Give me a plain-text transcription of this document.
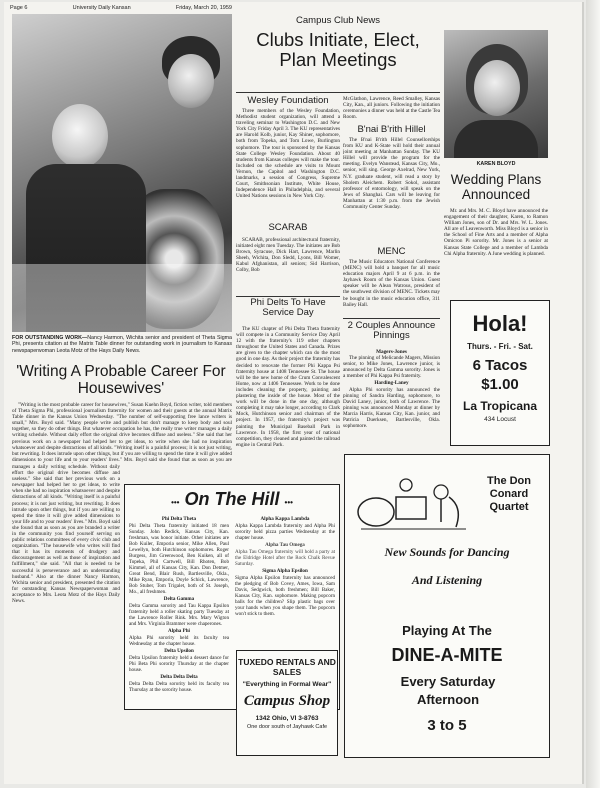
Page 6	University Daily Kansan	Friday, March 20, 1959
FOR OUTSTANDING WORK—Nancy Harmon, Wichita senior and president of Theta Sigma Phi, presents citation at the Matrix Table dinner for outstanding work in journalism to Kansas newspaperwoman Leota Motz of the Hays Daily News.
'Writing A Probable Career For Housewives'

"Writing is the most probable career for housewives," Susan Kuehn Boyd, fiction writer, told members of Theta Sigma Phi, professional journalism fraternity for women and their guests at the annual Matrix Table dinner in the Kansas Union Wednesday. "The number of self-supporting free lance writers is small," Mrs. Boyd said. "Many people write and publish but don't manage to keep body and soul together, so they do other things. But whatever occupation he has, the really true writer manages a daily writing schedule. Without daily effort the original drive becomes diffuse and useless." She said that her previous work on a newspaper had helped her to get ideas, to write when she had no inspiration whatsoever and despite distractions of all kinds. "Writing itself is a painful process; it is not just writing, but rewriting. It does intrude upon other things, but if you are willing to spend the time it will give added dimensions to your life and to your readers' lives." Mrs. Boyd said she found that as soon as you are

manages a daily writing schedule. Without daily effort the original drive becomes diffuse and useless." She said that her previous work on a newspaper had helped her to get ideas, to write when she had no inspiration whatsoever and despite distractions of all kinds. "Writing itself is a painful process; it is not just writing, but rewriting. It does intrude upon other things, but if you are willing to spend the time it will give added dimensions to your life and to your readers' lives." Mrs. Boyd said she found that as soon as you are branded a writer in the community you find yourself serving on public relations committees of every civic club and organization. "The housewife who writes will find that it has its moments of drudgery and discouragement as well as those of inspiration and fulfillment," she said. "All that is needed to be successful is perseverance and an understanding husband." Also at the dinner Nancy Harmon, Wichita senior and president, presented the citation for outstanding Kansas Newspaperwoman and acceptance to Mrs. Leota Motz of the Hays Daily News.

Campus Club News
Clubs Initiate, Elect, Plan Meetings
Wesley Foundation

Three members of the Wesley Foundation, Methodist student organization, will attend a traveling seminar to Washington D.C. and New York City Friday April 3. The KU representatives are Harold Kolb, junior, Kay Shiner, sophomore, both from Topeka, and Tom Lowe, Burlington sophomore. The tour is sponsored by the Kansas State College Wesley Foundation. About 40 students from Kansas colleges will make the tour. Included on the schedule are visits to Mount Vernon, the Capitol and Washington D.C. landmarks, a session of Congress, Supreme Court, Smithsonian Institute, White House, Independence Hall in Philadelphia, and several United Nations sessions in New York City.

SCARAB

SCARAB, professional architectural fraternity, initiated eight men Tuesday. The initiates are Bob Brown, Syracuse, Dick Hart, Lawrence, Marlin Sheeh, Wichita, Don Sledd, Lyons, Bill Womer, Kabul Afghanistan, all seniors; Sid Harrison, Colby, Bob

Phi Delts To Have Service Day

The KU chapter of Phi Delta Theta fraternity will compete in a Community Service Day April 12 with the fraternity's 119 other chapters throughout the United States and Canada. Prizes are given to the chapter which can do the most good in one day. As their project the fraternity has decided to renovate the former Phi Kappa Psi fraternity house at 1408 Tennessee St. The house will be the new home of the Crum Convalescent Home, now at 1406 Tennessee. Work to be done includes cleaning the property, painting and plastering the inside of the house. Most of the work will be done in the one day, although completing it may take longer, according to Clark Mock, Hutchinson senior and chairman of the project. In 1957, the fraternity's project was painting the Municipal Baseball Park in Lawrence. In 1958, the first year of national competition, they cleaned and painted the railroad engine in Central Park.

McGlathon, Lawrence, Reed Smalley, Kansas City, Kan., all juniors. Following the initiation ceremonies a dinner was held at the Castle Tea Room.

B'nai B'rith Hillel

The B'nai B'rith Hillel Counsellorships from KU and K-State will hold their annual joint meeting at Manhattan Sunday. The KU Hillel will provide the program for the meeting. Evelyn Wanstead, Kansas City, Mo., senior, will sing. George Axelrad, New York, N.Y. graduate student, will read a story by Sholem Aleichem. Robert Sokol, assistant professor of entomology, will speak on the Jews of Shanghai. Cars will be leaving for Manhattan at 1:30 p.m. from the Jewish Community Center Sunday.

MENC

The Music Educators National Conference (MENC) will hold a banquet for all music education majors April 9 at 6 p.m. in the Jayhawk Room of the Kansas Union. Guest speaker will be Alean Watrous, president of the southwest division of MENC. Tickets may be bought in the music education office, 311 Bailey Hall.

2 Couples Announce Pinnings
Magers-Jones

The pinning of Melicande Magers, Mission senior, to Mike Jones, Lawrence junior, is announced by Delta Gamma sorority. Jones is a member of Phi Kappa Psi fraternity.

Harding-Laney

Alpha Phi sorority has announced the pinning of Sandra Harding, sophomore, to David Laney, junior, both of Lawrence. The pinning was announced Monday at dinner by Marcia Harris, Kansas City, Kan. junior, and Patricia Duerksen, Bartlesville, Okla. sophomore.

KAREN BLOYD
Wedding Plans Announced

Mr. and Mrs. M. C. Bloyd have announced the engagement of their daughter, Karen, to Ramon William Jones, son of Dr. and Mrs. W. L. Jones. All are of Leavenworth. Miss Bloyd is a senior in the School of Fine Arts and a member of Alpha Omicron Pi sorority. Mr. Jones is a senior at Kansas State College and a member of Lambda Chi Alpha fraternity. A June wedding is planned.

Hola!
Thurs. - Fri. - Sat.
6 Tacos
$1.00
La Tropicana
434 Locust
••• On The Hill •••
Phi Delta Theta

Phi Delta Theta fraternity initiated 18 men Sunday. John Redick, Kansas City, Kan. freshman, was honor initiate. Other initiates are Bob Kuiler, Emporia senior, Mike Allen, Paul Lewellyn, both Hutchinson sophomores. Roger Burgess, Jim Greenwood, Ben Kuiken, all of Topeka, Phil Cartwell, Bill Rhoten, Bob Kimmel, all of Kansas City, Kan. Don Detmer, Great Bend, Blair Rush, Bartlesville, Okla., Mike Ryan, Emporia, Doyle Schick, Lawrence, Bob Stuber, Tom Trigalet, both of St. Joseph, Mo., all freshmen.

Delta Gamma

Delta Gamma sorority and Tau Kappa Epsilon fraternity held a roller skating party Tuesday at the Lawrence Roller Rink. Mrs. Mary Wigton and Mrs. Virginia Brammer were chaperones.

Alpha Phi

Alpha Phi sorority held its faculty tea Wednesday at the chapter house.

Delta Upsilon

Delta Upsilon fraternity held a dessert dance for Phi Beta Phi sorority Thursday at the chapter house.

Delta Delta Delta

Delta Delta Delta sorority held its faculty tea Thursday at the sorority house.

Alpha Kappa Lambda

Alpha Kappa Lambda fraternity and Alpha Phi sorority held pizza parties Wednesday at the chapter house.

Alpha Tau Omega

Alpha Tau Omega fraternity will hold a party at the Eldridge Hotel after the Rock Chalk Revue Saturday.

Sigma Alpha Epsilon

Sigma Alpha Epsilon fraternity has announced the pledging of Bob Covey, Ames, Iowa, Sam Davis, Sedgwick, both freshmen; Bill Baker, Kansas City, Kan. sophomore. Making popcorn balls for the children? Slip plastic bags over your hands when you shape them. The popcorn won't stick to them.

TUXEDO RENTALS AND SALES
"Everything in Formal Wear"
Campus Shop
1342 Ohio, VI 3-8763
One door south of Jayhawk Cafe
The Don Conard Quartet
New Sounds for Dancing
And Listening
Playing At The
DINE-A-MITE
Every Saturday Afternoon
3 to 5
